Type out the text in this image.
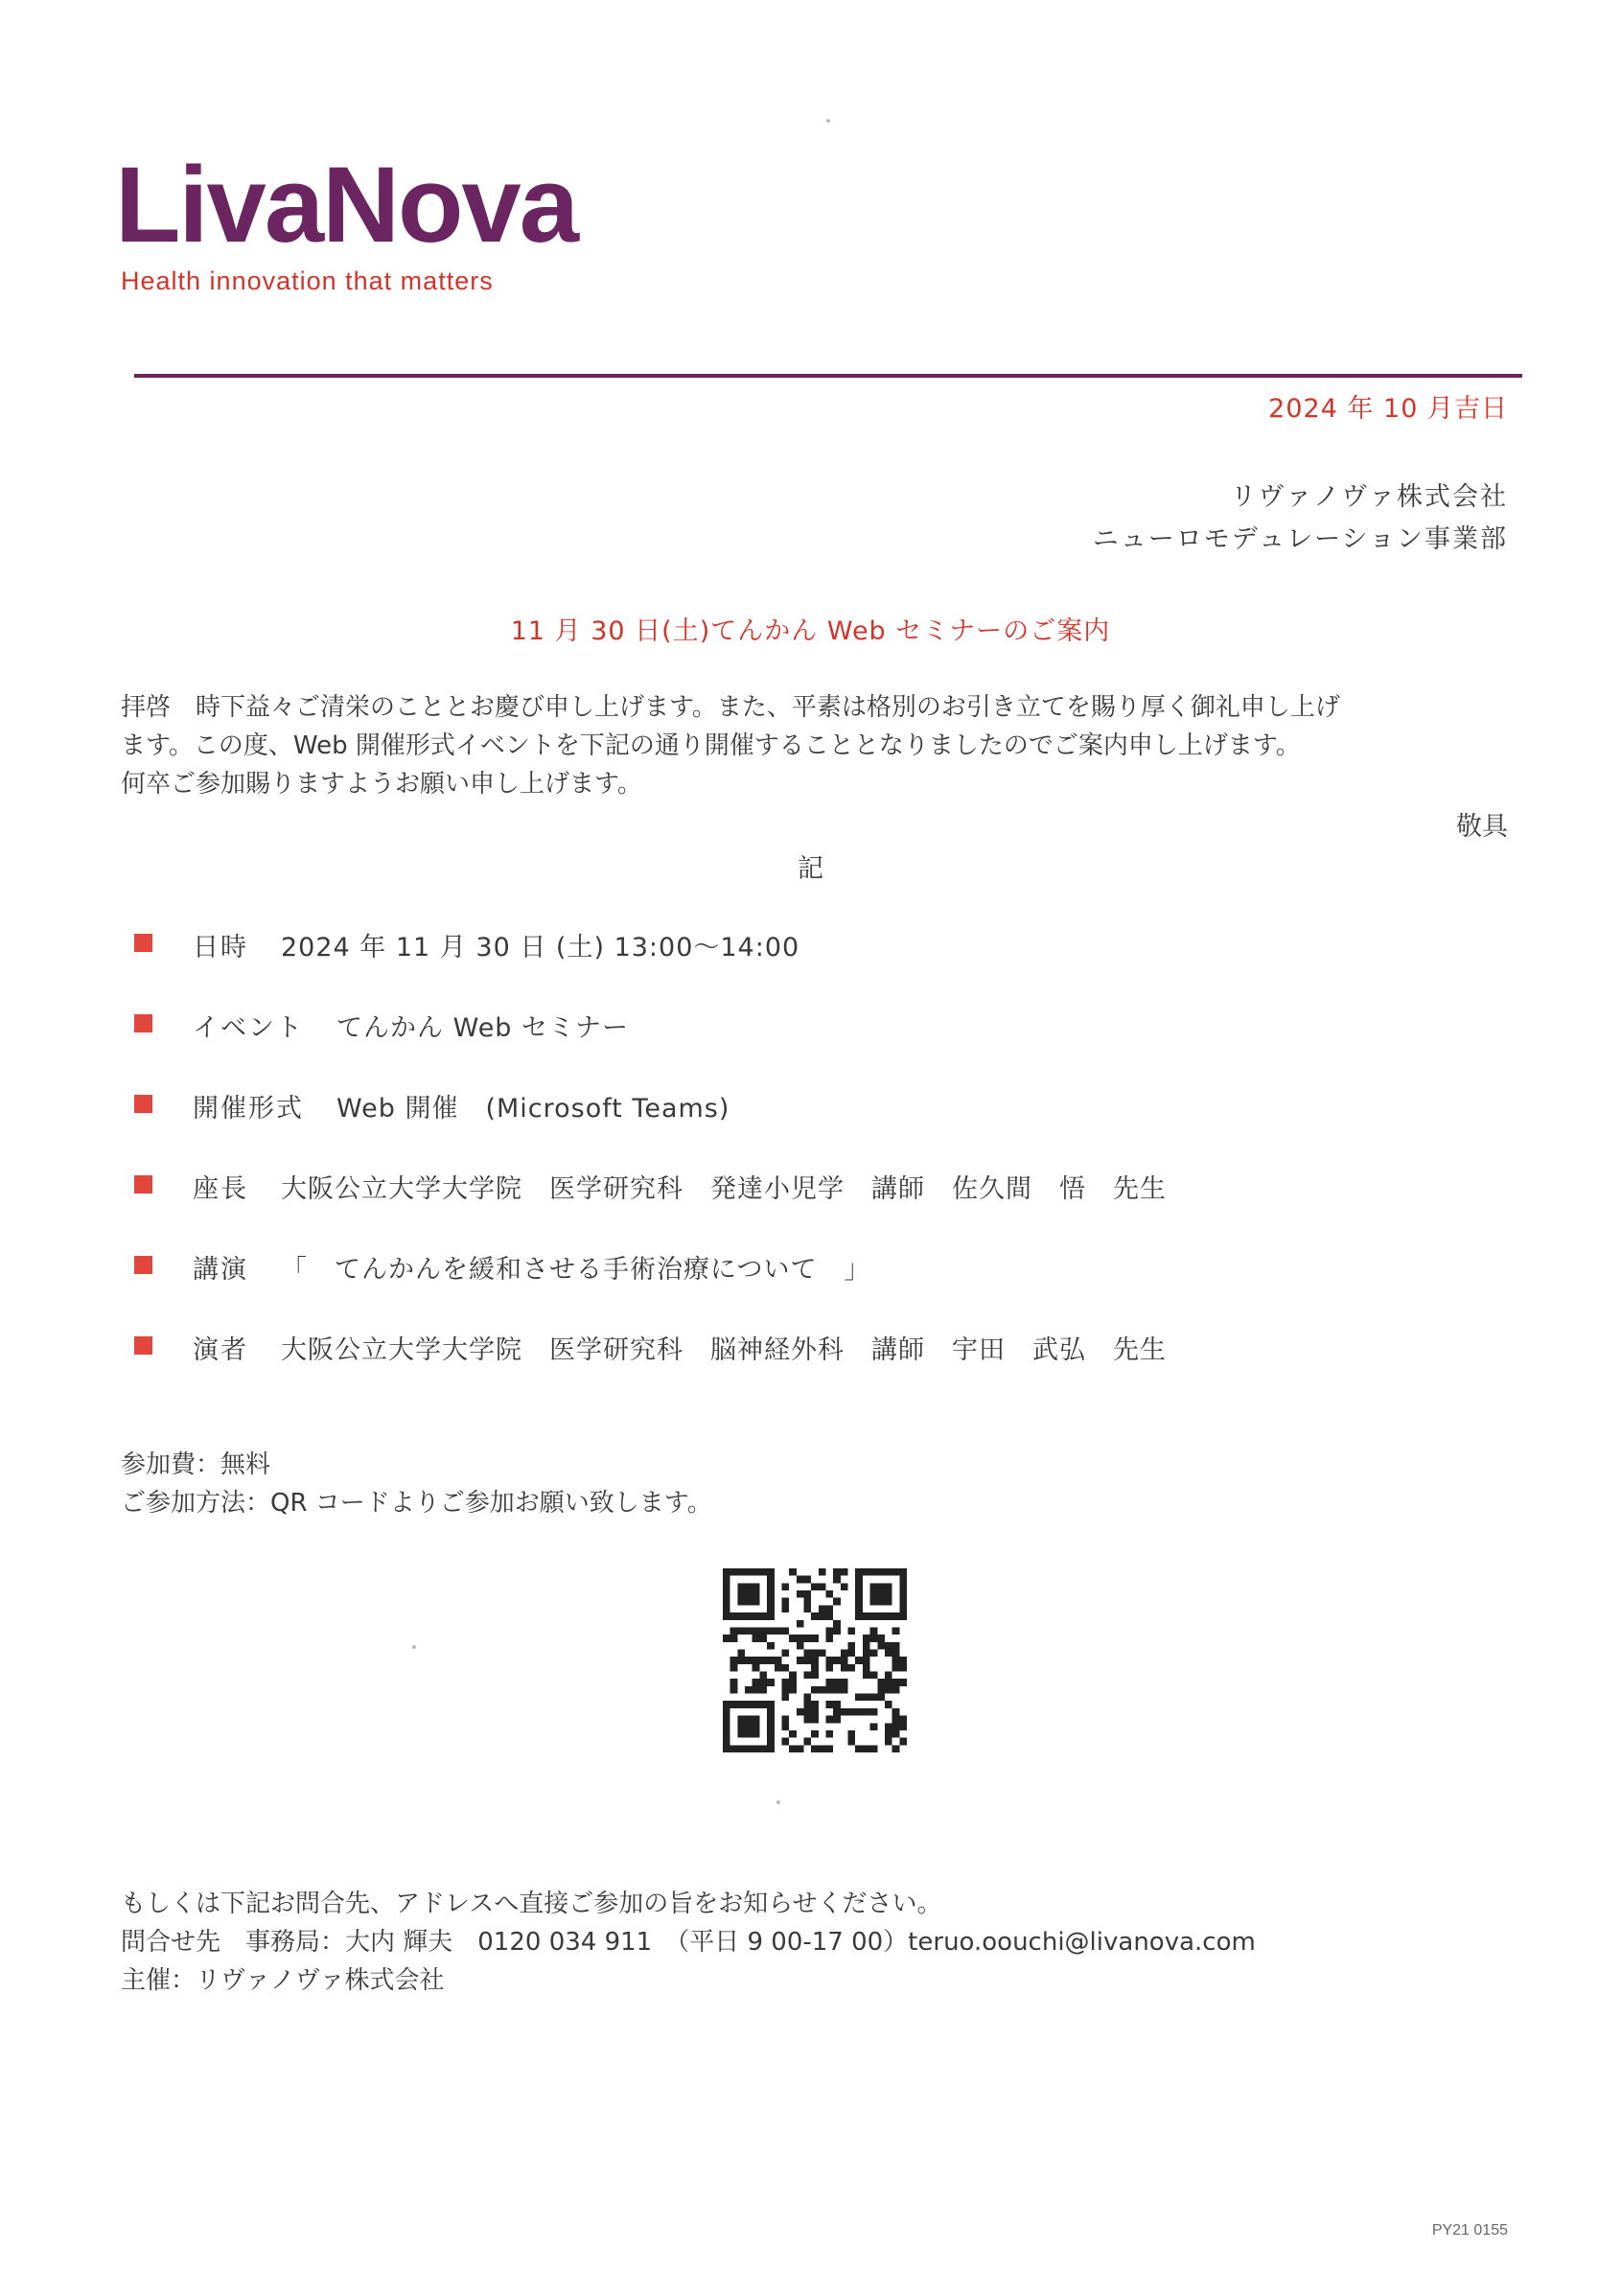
LivaNova
Health innovation that matters
2024 年 10 月吉日
リヴァノヴァ株式会社
ニューロモデュレーション事業部
11 月 30 日(土)てんかん Web セミナーのご案内

拝啓　時下益々ご清栄のこととお慶び申し上げます。また、平素は格別のお引き立てを賜り厚く御礼申し上げ

ます。この度、Web 開催形式イベントを下記の通り開催することとなりましたのでご案内申し上げます。

何卒ご参加賜りますようお願い申し上げます。

敬具
記
日時 2024 年 11 月 30 日 (土) 13:00～14:00
イベント てんかん Web セミナー
開催形式 Web 開催　(Microsoft Teams)
座長 大阪公立大学大学院　医学研究科　発達小児学　講師　佐久間　悟　先生
講演 「　てんかんを緩和させる手術治療について　」
演者 大阪公立大学大学院　医学研究科　脳神経外科　講師　宇田　武弘　先生

参加費：無料

ご参加方法：QR コードよりご参加お願い致します。

もしくは下記お問合先、アドレスへ直接ご参加の旨をお知らせください。

問合せ先　事務局：大内 輝夫　0120 034 911　（平日 9 00-17 00）teruo.oouchi@livanova.com

主催：リヴァノヴァ株式会社

PY21 0155
